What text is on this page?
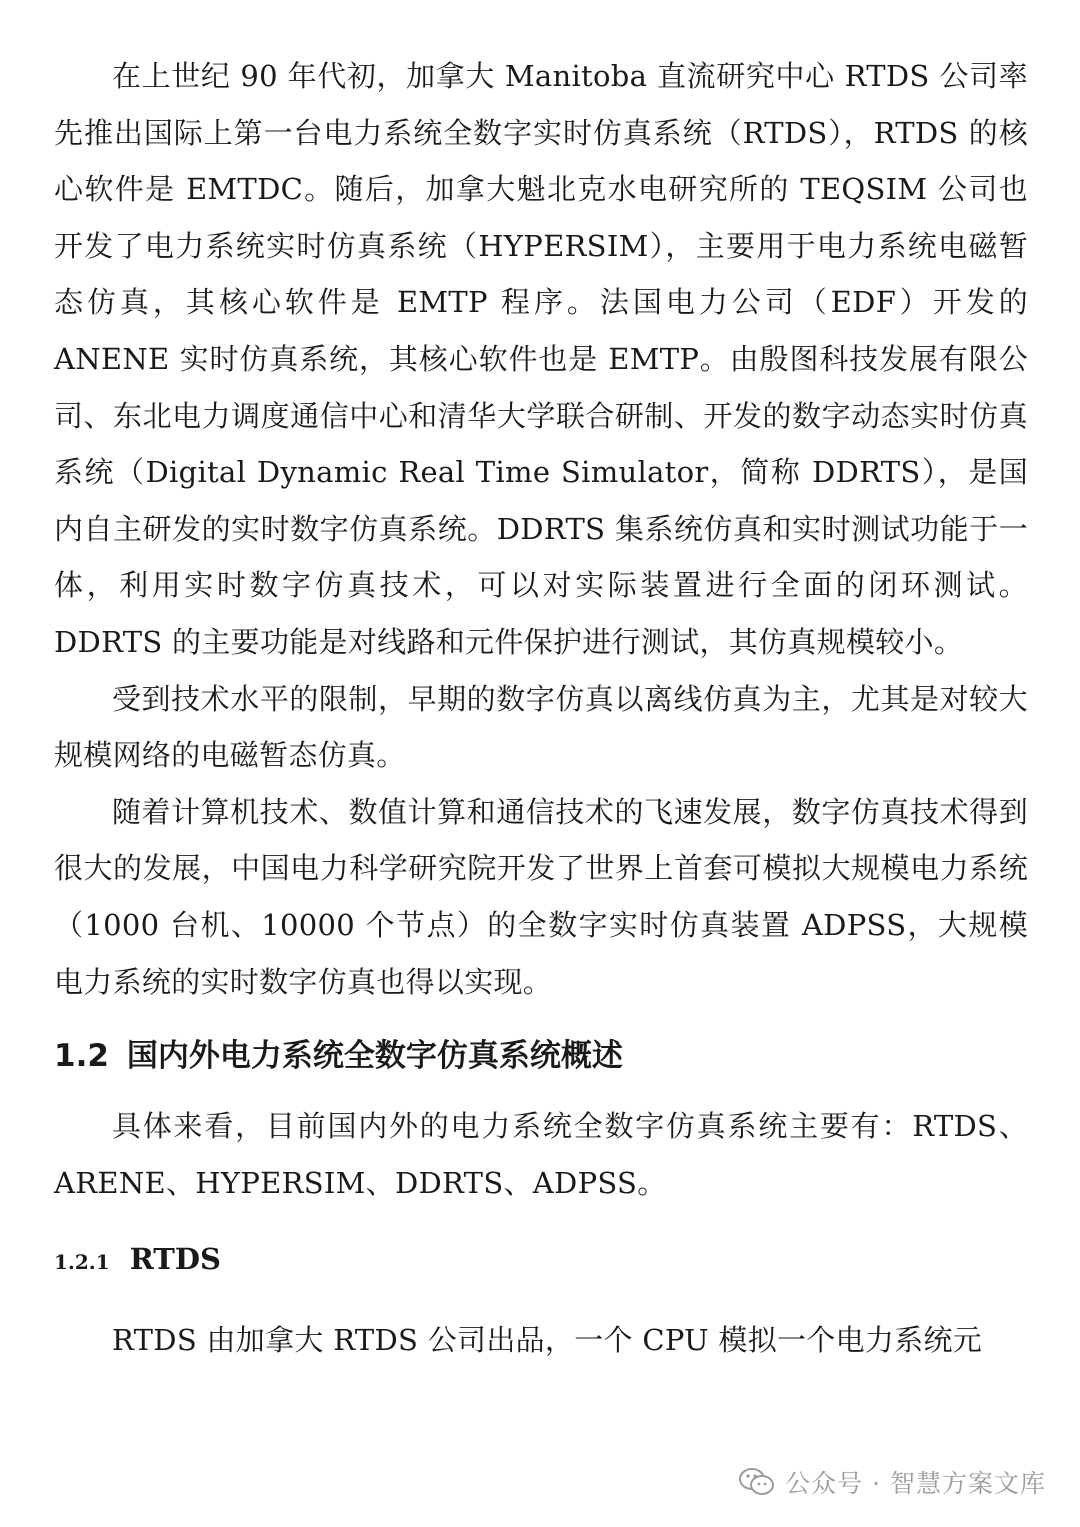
在上世纪 90 年代初，加拿大 Manitoba 直流研究中心 RTDS 公司率先推出国际上第一台电力系统全数字实时仿真系统（RTDS），RTDS 的核心软件是 EMTDC。随后，加拿大魁北克水电研究所的 TEQSIM 公司也开发了电力系统实时仿真系统（HYPERSIM），主要用于电力系统电磁暂态仿真，其核心软件是 EMTP 程序。法国电力公司（EDF）开发的 ANENE 实时仿真系统，其核心软件也是 EMTP。由殷图科技发展有限公司、东北电力调度通信中心和清华大学联合研制、开发的数字动态实时仿真系统（Digital Dynamic Real Time Simulator，简称 DDRTS），是国内自主研发的实时数字仿真系统。DDRTS 集系统仿真和实时测试功能于一体，利用实时数字仿真技术，可以对实际装置进行全面的闭环测试。DDRTS 的主要功能是对线路和元件保护进行测试，其仿真规模较小。

受到技术水平的限制，早期的数字仿真以离线仿真为主，尤其是对较大规模网络的电磁暂态仿真。

随着计算机技术、数值计算和通信技术的飞速发展，数字仿真技术得到很大的发展，中国电力科学研究院开发了世界上首套可模拟大规模电力系统（1000 台机、10000 个节点）的全数字实时仿真装置 ADPSS，大规模电力系统的实时数字仿真也得以实现。

1.2 国内外电力系统全数字仿真系统概述

具体来看，目前国内外的电力系统全数字仿真系统主要有：RTDS、ARENE、HYPERSIM、DDRTS、ADPSS。

1.2.1 RTDS

RTDS 由加拿大 RTDS 公司出品，一个 CPU 模拟一个电力系统元

公众号 · 智慧方案文库
